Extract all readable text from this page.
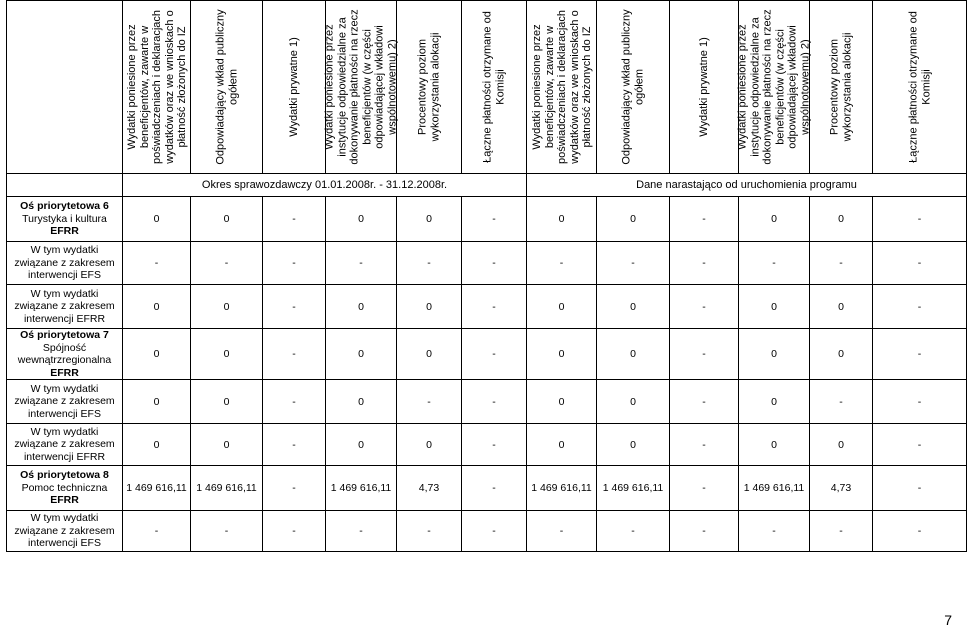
	Wydatki poniesione przez beneficjentów, zawarte w poświadczeniach i deklaracjach wydatków oraz we wnioskach o płatność złożonych do IZ	Odpowiadający wkład publiczny ogółem	Wydatki prywatne 1)	Wydatki poniesione przez instytucje odpowiedzialne za dokonywanie płatności na rzecz beneficjentów (w części odpowiadającej wkładowi wspólnotowemu) 2)	Procentowy poziom wykorzystania alokacji	Łączne płatności otrzymane od Komisji	Wydatki poniesione przez beneficjentów, zawarte w poświadczeniach i deklaracjach wydatków oraz we wnioskach o płatność złożonych do IZ	Odpowiadający wkład publiczny ogółem	Wydatki prywatne 1)	Wydatki poniesione przez instytucje odpowiedzialne za dokonywanie płatności na rzecz beneficjentów (w części odpowiadającej wkładowi wspólnotowemu) 2)	Procentowy poziom wykorzystania alokacji	Łączne płatności otrzymane od Komisji

	Okres sprawozdawczy 01.01.2008r. - 31.12.2008r.						Dane narastająco od uruchomienia programu					
Oś priorytetowa 6
Turystyka i kultura
EFRR	0	0	-	0	0	-	0	0	-	0	0	-
W tym wydatki
związane z zakresem
interwencji EFS	-	-	-	-	-	-	-	-	-	-	-	-
W tym wydatki
związane z zakresem
interwencji EFRR	0	0	-	0	0	-	0	0	-	0	0	-
Oś priorytetowa 7
Spójność
wewnątrzregionalna
EFRR	0	0	-	0	0	-	0	0	-	0	0	-
W tym wydatki
związane z zakresem
interwencji EFS	0	0	-	0	-	-	0	0	-	0	-	-
W tym wydatki
związane z zakresem
interwencji EFRR	0	0	-	0	0	-	0	0	-	0	0	-
Oś priorytetowa 8
Pomoc techniczna
EFRR	1 469 616,11	1 469 616,11	-	1 469 616,11	4,73	-	1 469 616,11	1 469 616,11	-	1 469 616,11	4,73	-
W tym wydatki
związane z zakresem
interwencji EFS	-	-	-	-	-	-	-	-	-	-	-	-
7
